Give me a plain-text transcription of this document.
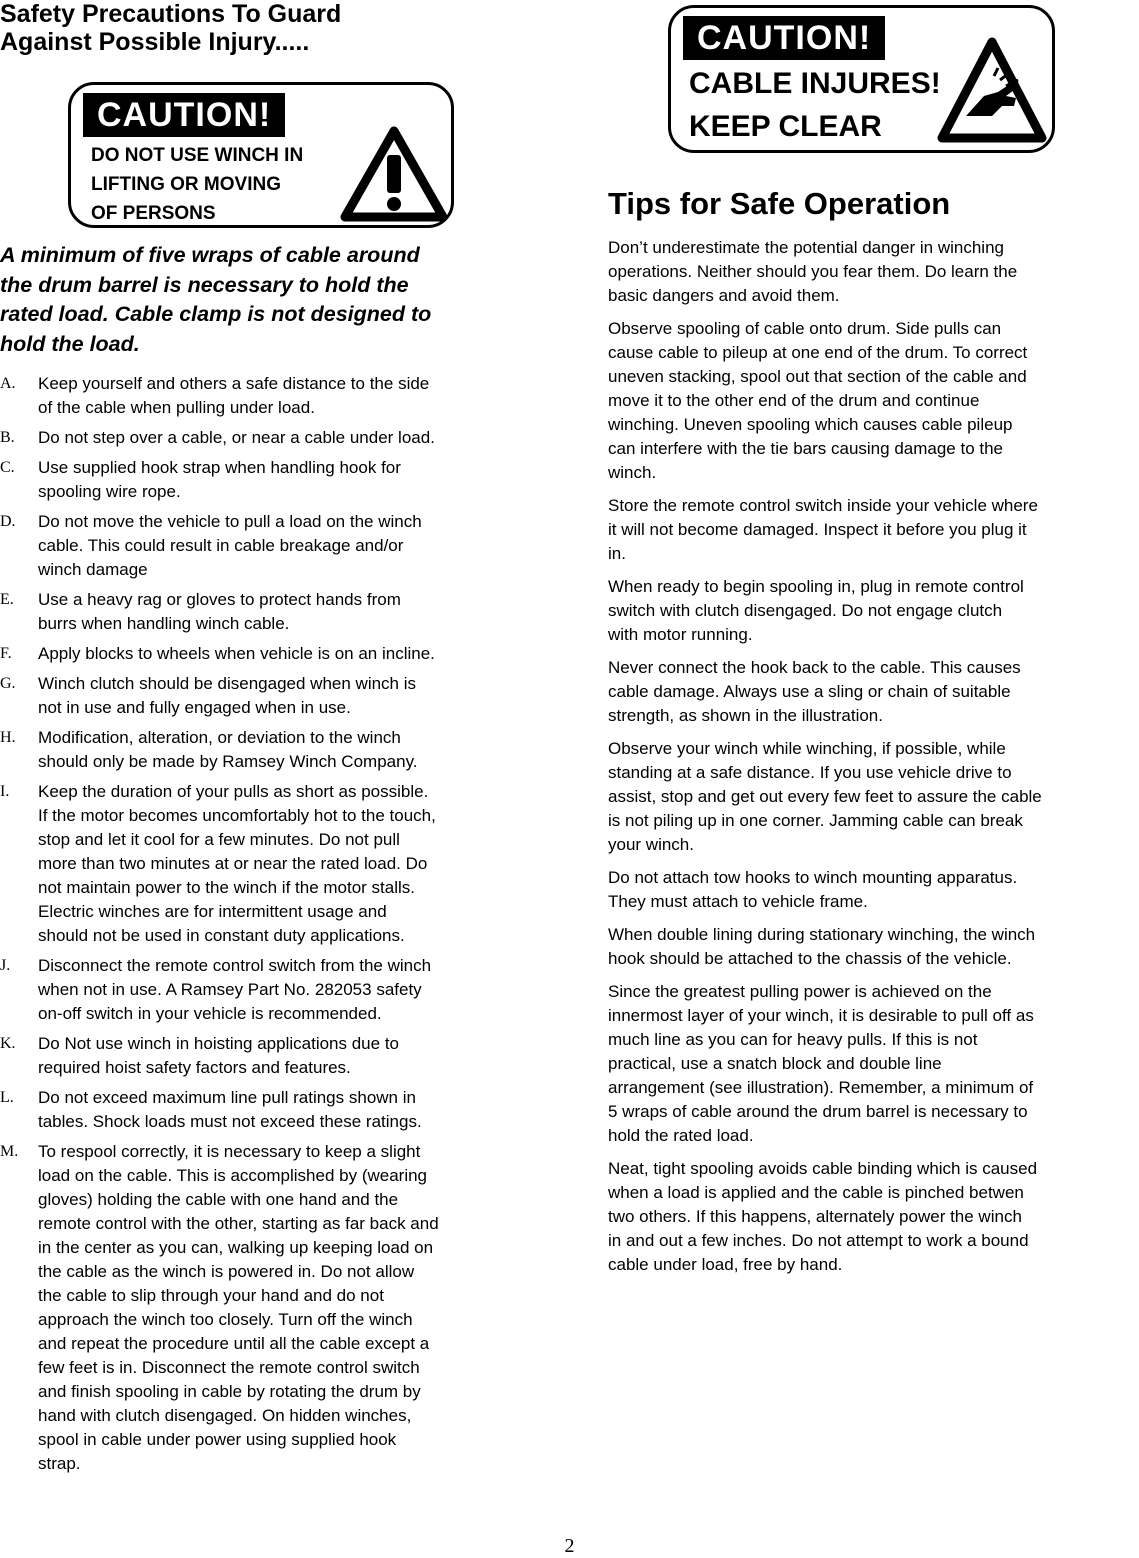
Safety Precautions To Guard
Against Possible Injury.....
CAUTION!
DO NOT USE WINCH IN
LIFTING OR MOVING
OF PERSONS
CAUTION!
CABLE INJURES!
KEEP CLEAR

A minimum of five wraps of cable around
the drum barrel is necessary to hold the
rated load. Cable clamp is not designed to
hold the load.

A. Keep yourself and others a safe distance to the side
of the cable when pulling under load.
B. Do not step over a cable, or near a cable under load.
C. Use supplied hook strap when handling hook for
spooling wire rope.
D. Do not move the vehicle to pull a load on the winch
cable. This could result in cable breakage and/or
winch damage
E. Use a heavy rag or gloves to protect hands from
burrs when handling winch cable.
F. Apply blocks to wheels when vehicle is on an incline.
G. Winch clutch should be disengaged when winch is
not in use and fully engaged when in use.
H. Modification, alteration, or deviation to the winch
should only be made by Ramsey Winch Company.
I. Keep the duration of your pulls as short as possible.
If the motor becomes uncomfortably hot to the touch,
stop and let it cool for a few minutes. Do not pull
more than two minutes at or near the rated load. Do
not maintain power to the winch if the motor stalls.
Electric winches are for intermittent usage and
should not be used in constant duty applications.
J. Disconnect the remote control switch from the winch
when not in use. A Ramsey Part No. 282053 safety
on-off switch in your vehicle is recommended.
K. Do Not use winch in hoisting applications due to
required hoist safety factors and features.
L. Do not exceed maximum line pull ratings shown in
tables. Shock loads must not exceed these ratings.
M. To respool correctly, it is necessary to keep a slight
load on the cable. This is accomplished by (wearing
gloves) holding the cable with one hand and the
remote control with the other, starting as far back and
in the center as you can, walking up keeping load on
the cable as the winch is powered in. Do not allow
the cable to slip through your hand and do not
approach the winch too closely. Turn off the winch
and repeat the procedure until all the cable except a
few feet is in. Disconnect the remote control switch
and finish spooling in cable by rotating the drum by
hand with clutch disengaged. On hidden winches,
spool in cable under power using supplied hook
strap.
Tips for Safe Operation

Don’t underestimate the potential danger in winching
operations. Neither should you fear them. Do learn the
basic dangers and avoid them.

Observe spooling of cable onto drum. Side pulls can
cause cable to pileup at one end of the drum. To correct
uneven stacking, spool out that section of the cable and
move it to the other end of the drum and continue
winching. Uneven spooling which causes cable pileup
can interfere with the tie bars causing damage to the
winch.

Store the remote control switch inside your vehicle where
it will not become damaged. Inspect it before you plug it
in.

When ready to begin spooling in, plug in remote control
switch with clutch disengaged. Do not engage clutch
with motor running.

Never connect the hook back to the cable. This causes
cable damage. Always use a sling or chain of suitable
strength, as shown in the illustration.

Observe your winch while winching, if possible, while
standing at a safe distance. If you use vehicle drive to
assist, stop and get out every few feet to assure the cable
is not piling up in one corner. Jamming cable can break
your winch.

Do not attach tow hooks to winch mounting apparatus.
They must attach to vehicle frame.

When double lining during stationary winching, the winch
hook should be attached to the chassis of the vehicle.

Since the greatest pulling power is achieved on the
innermost layer of your winch, it is desirable to pull off as
much line as you can for heavy pulls. If this is not
practical, use a snatch block and double line
arrangement (see illustration). Remember, a minimum of
5 wraps of cable around the drum barrel is necessary to
hold the rated load.

Neat, tight spooling avoids cable binding which is caused
when a load is applied and the cable is pinched betwen
two others. If this happens, alternately power the winch
in and out a few inches. Do not attempt to work a bound
cable under load, free by hand.

2
